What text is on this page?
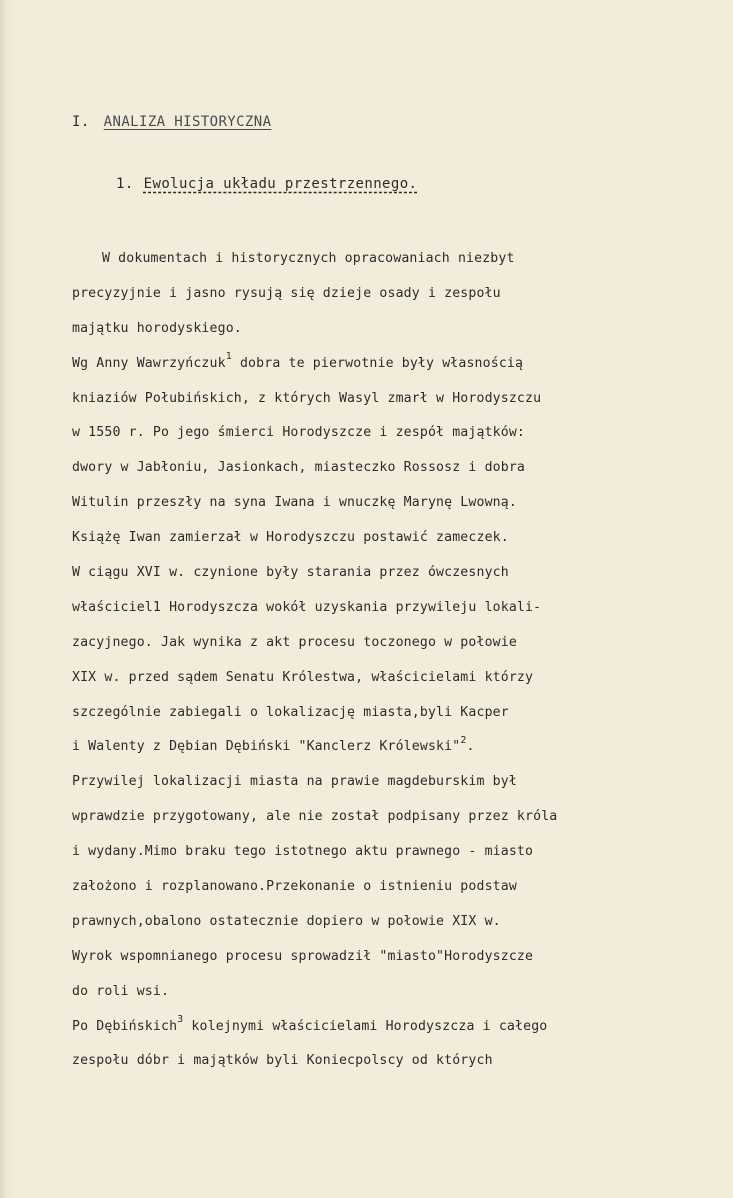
I. ANALIZA HISTORYCZNA
1. Ewolucja układu przestrzennego.
W dokumentach i historycznych opracowaniach niezbyt
precyzyjnie i jasno rysują się dzieje osady i zespołu
majątku horodyskiego.
Wg Anny Wawrzyńczuk$^1$ dobra te pierwotnie były własnością
kniaziów Połubińskich, z których Wasyl zmarł w Horodyszczu
w 1550 r. Po jego śmierci Horodyszcze i zespół majątków:
dwory w Jabłoniu, Jasionkach, miasteczko Rossosz i dobra
Witulin przeszły na syna Iwana i wnuczkę Marynę Lwowną.
Książę Iwan zamierzał w Horodyszczu postawić zameczek.
W ciągu XVI w. czynione były starania przez ówczesnych
właściciel1 Horodyszcza wokół uzyskania przywileju lokali-
zacyjnego. Jak wynika z akt procesu toczonego w połowie
XIX w. przed sądem Senatu Królestwa, właścicielami którzy
szczególnie zabiegali o lokalizację miasta,byli Kacper
i Walenty z Dębian Dębiński "Kanclerz Królewski"$^2$.
Przywilej lokalizacji miasta na prawie magdeburskim był
wprawdzie przygotowany, ale nie został podpisany przez króla
i wydany.Mimo braku tego istotnego aktu prawnego - miasto
założono i rozplanowano.Przekonanie o istnieniu podstaw
prawnych,obalono ostatecznie dopiero w połowie XIX w.
Wyrok wspomnianego procesu sprowadził "miasto"Horodyszcze
do roli wsi.
Po Dębińskich$^3$ kolejnymi właścicielami Horodyszcza i całego
zespołu dóbr i majątków byli Koniecpolscy od których
